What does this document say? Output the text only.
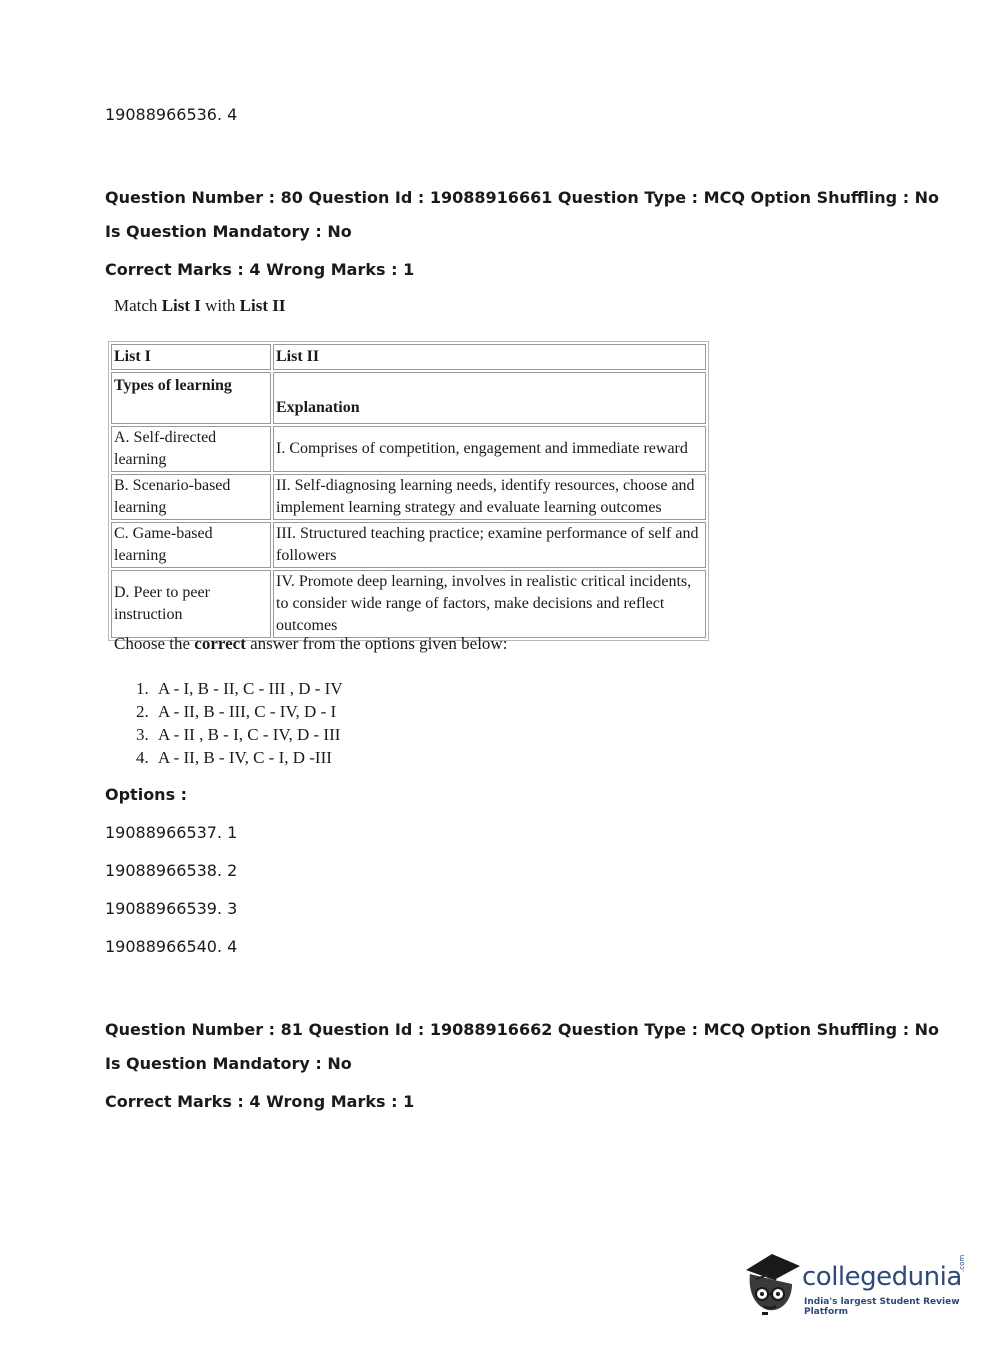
19088966536. 4
Question Number : 80 Question Id : 19088916661 Question Type : MCQ Option Shuffling : No
Is Question Mandatory : No
Correct Marks : 4 Wrong Marks : 1
Match List I with List II
List I	List II
Types of learning	Explanation
A. Self-directed learning	I. Comprises of competition, engagement and immediate reward
B. Scenario-based learning	II. Self-diagnosing learning needs, identify resources, choose and implement learning strategy and evaluate learning outcomes
C. Game-based learning	III. Structured teaching practice; examine performance of self and followers
D. Peer to peer instruction	IV. Promote deep learning, involves in realistic critical incidents, to consider wide range of factors, make decisions and reflect outcomes
Choose the correct answer from the options given below:
1. A - I, B - II, C - III , D - IV
2. A - II, B - III, C - IV, D - I
3. A - II , B - I, C - IV, D - III
4. A - II, B - IV, C - I, D -III
Options :
19088966537. 1
19088966538. 2
19088966539. 3
19088966540. 4
Question Number : 81 Question Id : 19088916662 Question Type : MCQ Option Shuffling : No
Is Question Mandatory : No
Correct Marks : 4 Wrong Marks : 1
collegedunia
.com
India's largest Student Review Platform
